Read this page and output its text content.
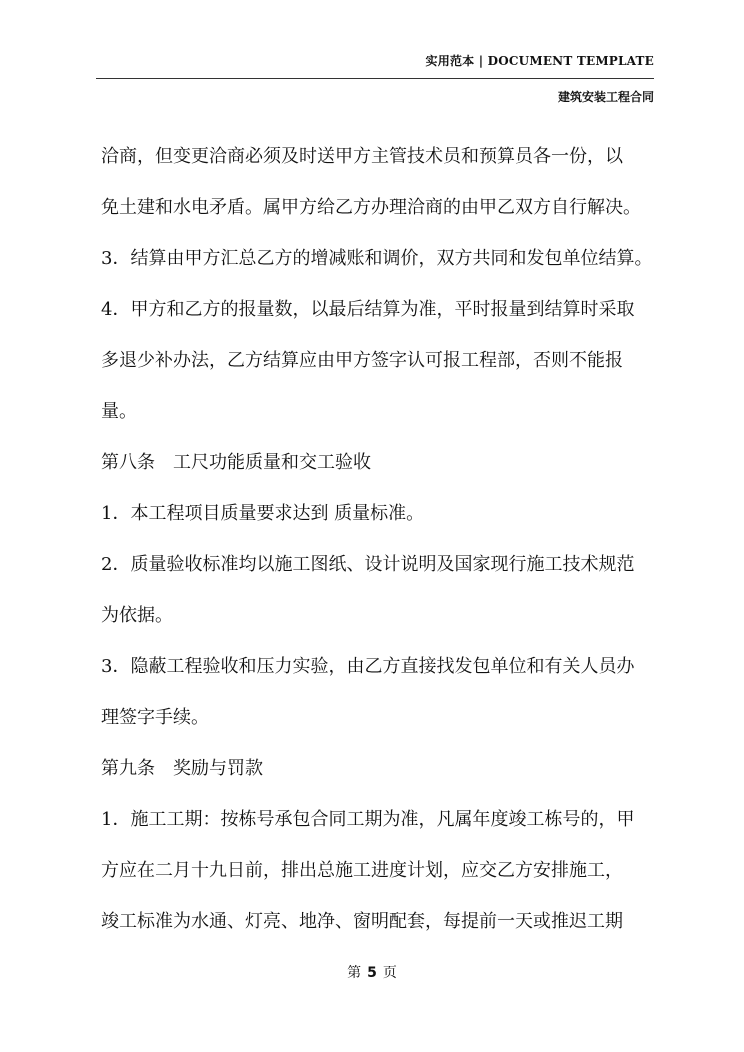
实用范本 | DOCUMENT TEMPLATE
建筑安装工程合同
洽商，但变更洽商必须及时送甲方主管技术员和预算员各一份，以
免土建和水电矛盾。属甲方给乙方办理洽商的由甲乙双方自行解决。
3．结算由甲方汇总乙方的增减账和调价，双方共同和发包单位结算。
4．甲方和乙方的报量数，以最后结算为准，平时报量到结算时采取
多退少补办法，乙方结算应由甲方签字认可报工程部，否则不能报
量。
第八条　工尺功能质量和交工验收
1．本工程项目质量要求达到 质量标准。
2．质量验收标准均以施工图纸、设计说明及国家现行施工技术规范
为依据。
3．隐蔽工程验收和压力实验，由乙方直接找发包单位和有关人员办
理签字手续。
第九条　奖励与罚款
1．施工工期：按栋号承包合同工期为准，凡属年度竣工栋号的，甲
方应在二月十九日前，排出总施工进度计划，应交乙方安排施工，
竣工标准为水通、灯亮、地净、窗明配套，每提前一天或推迟工期
第 5 页
